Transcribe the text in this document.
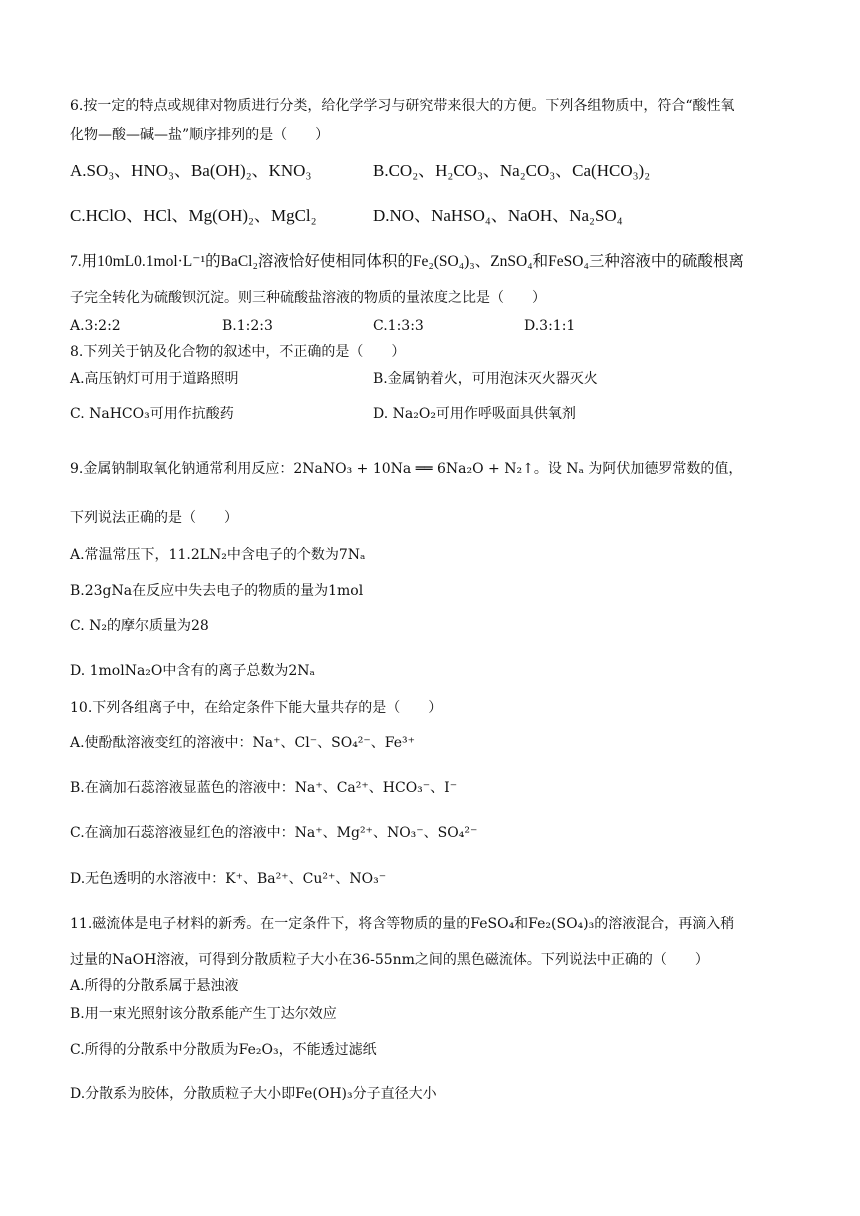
6.按一定的特点或规律对物质进行分类，给化学学习与研究带来很大的方便。下列各组物质中，符合“酸性氧
化物—酸—碱—盐”顺序排列的是（　　）
A.SO₃、HNO₃、Ba(OH)₂、KNO₃	B.CO₂、H₂CO₃、Na₂CO₃、Ca(HCO₃)₂
C.HClO、HCl、Mg(OH)₂、MgCl₂	D.NO、NaHSO₄、NaOH、Na₂SO₄
7.用10mL0.1mol·L⁻¹的BaCl₂溶液恰好使相同体积的Fe₂(SO₄)₃、ZnSO₄和FeSO₄三种溶液中的硫酸根离
子完全转化为硫酸钡沉淀。则三种硫酸盐溶液的物质的量浓度之比是（　　）
A.3:2:2	B.1:2:3	C.1:3:3	D.3:1:1
8.下列关于钠及化合物的叙述中，不正确的是（　　）
A.高压钠灯可用于道路照明	B.金属钠着火，可用泡沫灭火器灭火
C. NaHCO₃可用作抗酸药	D. Na₂O₂可用作呼吸面具供氧剂
9.金属钠制取氧化钠通常利用反应：2NaNO₃ + 10Na ══ 6Na₂O + N₂↑。设 Nₐ 为阿伏加德罗常数的值，
下列说法正确的是（　　）
A.常温常压下，11.2LN₂中含电子的个数为7Nₐ
B.23gNa在反应中失去电子的物质的量为1mol
C. N₂的摩尔质量为28
D. 1molNa₂O中含有的离子总数为2Nₐ
10.下列各组离子中，在给定条件下能大量共存的是（　　）
A.使酚酞溶液变红的溶液中：Na⁺、Cl⁻、SO₄²⁻、Fe³⁺
B.在滴加石蕊溶液显蓝色的溶液中：Na⁺、Ca²⁺、HCO₃⁻、I⁻
C.在滴加石蕊溶液显红色的溶液中：Na⁺、Mg²⁺、NO₃⁻、SO₄²⁻
D.无色透明的水溶液中：K⁺、Ba²⁺、Cu²⁺、NO₃⁻
11.磁流体是电子材料的新秀。在一定条件下，将含等物质的量的FeSO₄和Fe₂(SO₄)₃的溶液混合，再滴入稍
过量的NaOH溶液，可得到分散质粒子大小在36-55nm之间的黑色磁流体。下列说法中正确的（　　）
A.所得的分散系属于悬浊液
B.用一束光照射该分散系能产生丁达尔效应
C.所得的分散系中分散质为Fe₂O₃，不能透过滤纸
D.分散系为胶体，分散质粒子大小即Fe(OH)₃分子直径大小
